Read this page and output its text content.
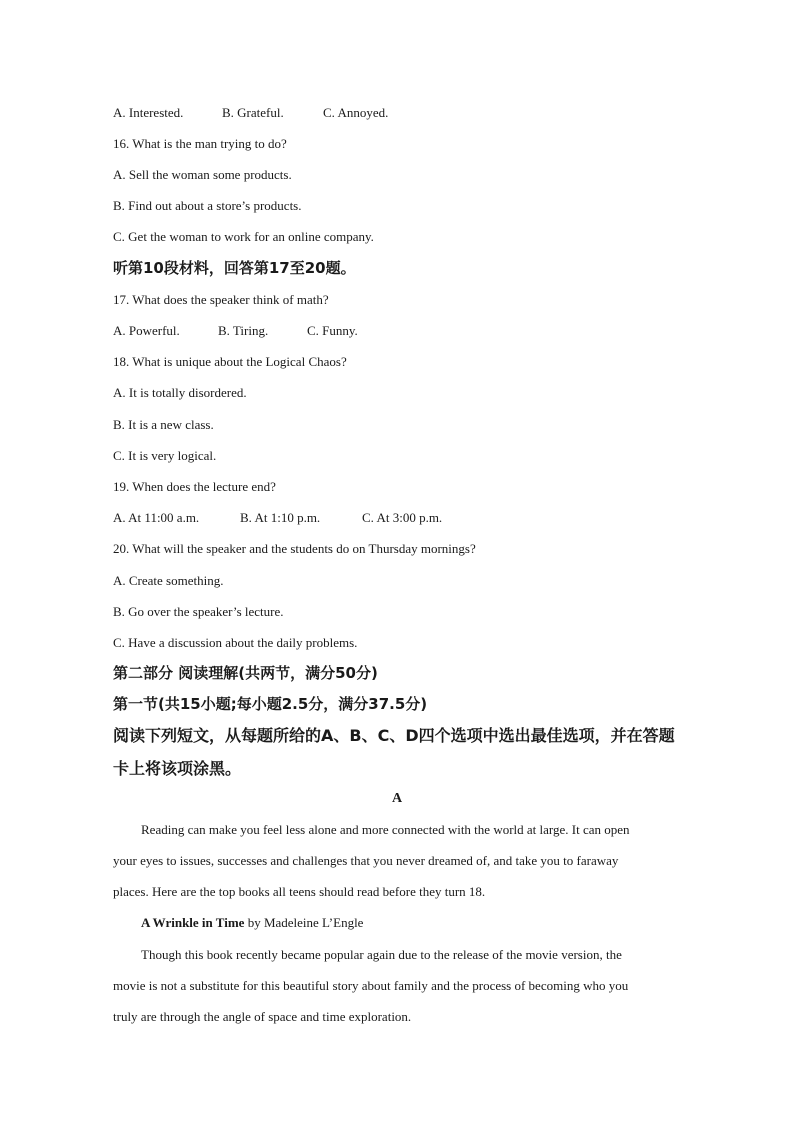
A. Interested.	B. Grateful.	C. Annoyed.
16. What is the man trying to do?
A. Sell the woman some products.
B. Find out about a store’s products.
C. Get the woman to work for an online company.
听第10段材料，回答第17至20题。
17. What does the speaker think of math?
A. Powerful.	B. Tiring.	C. Funny.
18. What is unique about the Logical Chaos?
A. It is totally disordered.
B. It is a new class.
C. It is very logical.
19. When does the lecture end?
A. At 11:00 a.m.	B. At 1:10 p.m.	C. At 3:00 p.m.
20. What will the speaker and the students do on Thursday mornings?
A. Create something.
B. Go over the speaker’s lecture.
C. Have a discussion about the daily problems.
第二部分 阅读理解(共两节，满分50分)
第一节(共15小题;每小题2.5分，满分37.5分)
阅读下列短文，从每题所给的A、B、C、D四个选项中选出最佳选项，并在答题
卡上将该项涂黑。
A
Reading can make you feel less alone and more connected with the world at large. It can open
your eyes to issues, successes and challenges that you never dreamed of, and take you to faraway
places. Here are the top books all teens should read before they turn 18.
A Wrinkle in Time by Madeleine L’Engle
Though this book recently became popular again due to the release of the movie version, the
movie is not a substitute for this beautiful story about family and the process of becoming who you
truly are through the angle of space and time exploration.
